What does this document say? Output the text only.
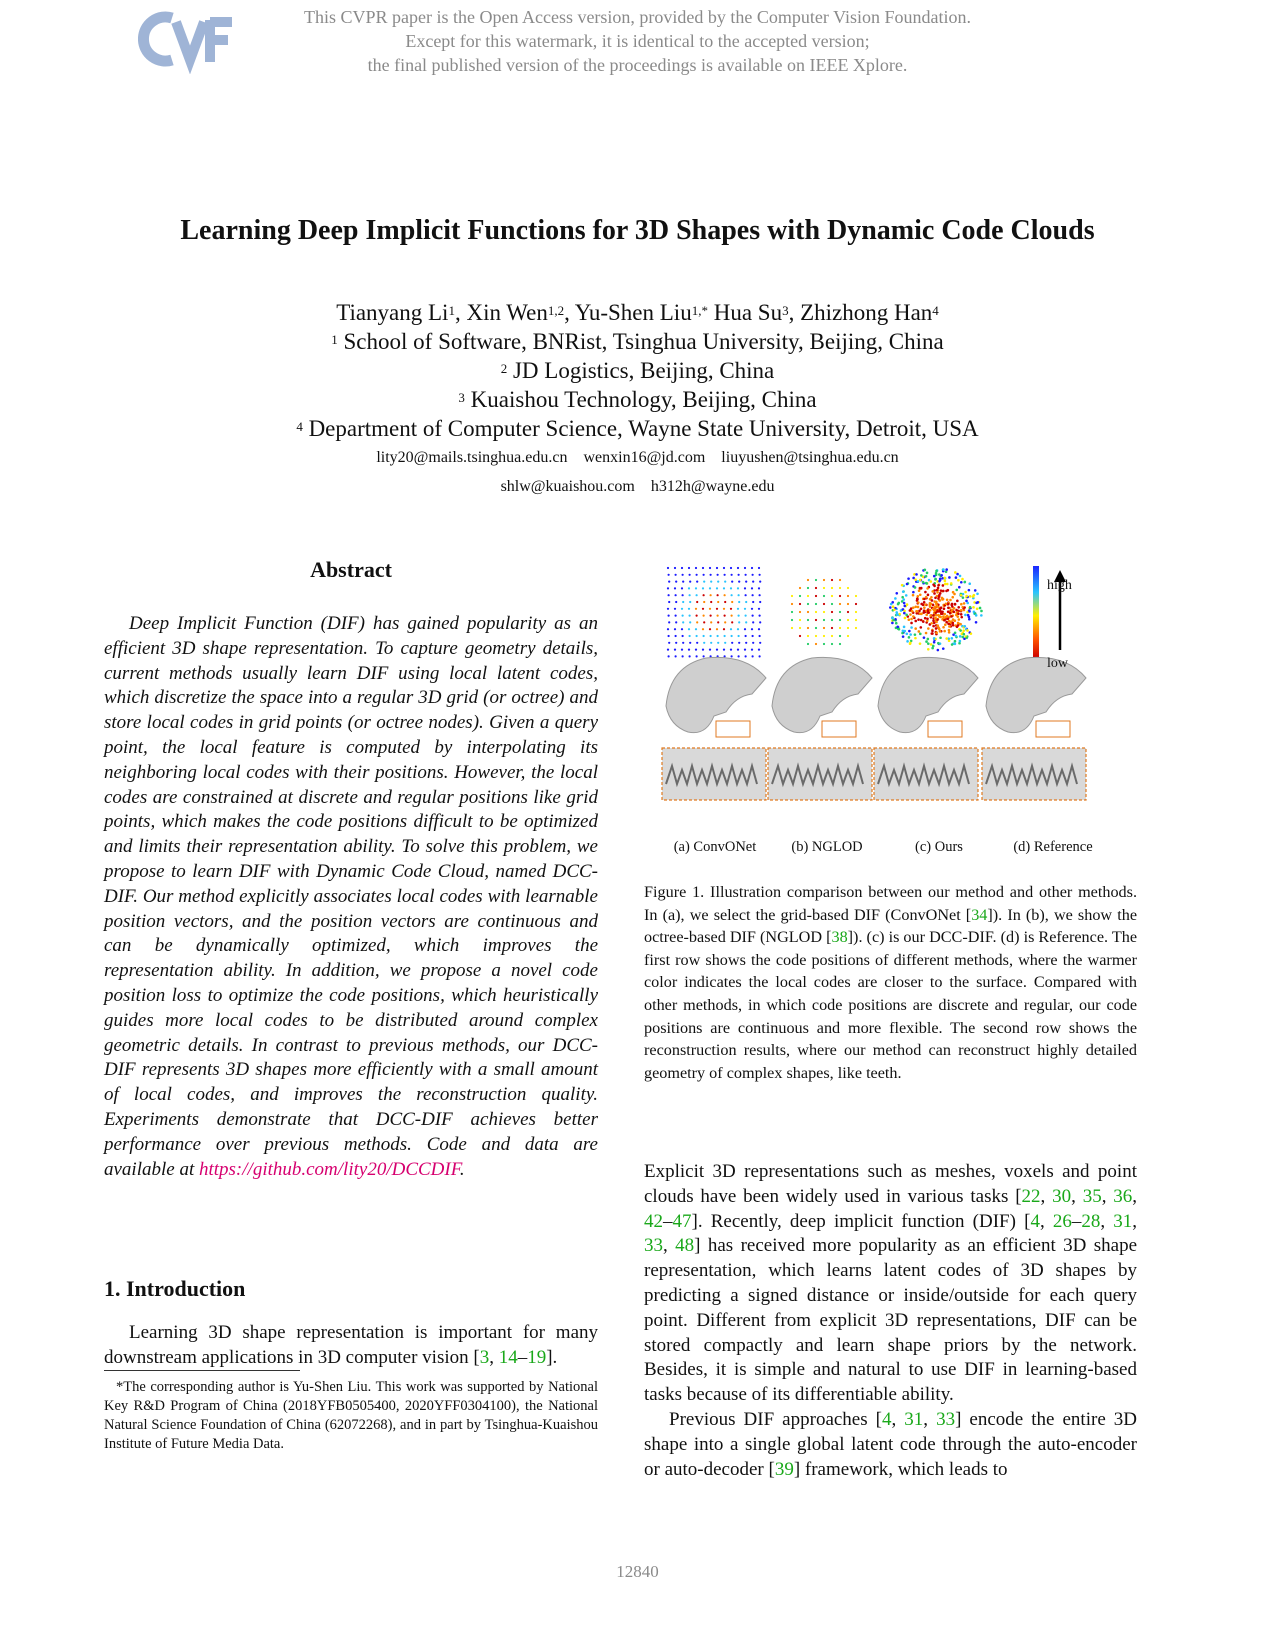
This CVPR paper is the Open Access version, provided by the Computer Vision Foundation.
Except for this watermark, it is identical to the accepted version;
the final published version of the proceedings is available on IEEE Xplore.
Learning Deep Implicit Functions for 3D Shapes with Dynamic Code Clouds
Tianyang Li$^1$, Xin Wen$^{1,2}$, Yu-Shen Liu$^{1,*}$ Hua Su$^3$, Zhizhong Han$^4$
$^1$ School of Software, BNRist, Tsinghua University, Beijing, China
$^2$ JD Logistics, Beijing, China
$^3$ Kuaishou Technology, Beijing, China
$^4$ Department of Computer Science, Wayne State University, Detroit, USA
lity20@mails.tsinghua.edu.cn wenxin16@jd.com liuyushen@tsinghua.edu.cn
shlw@kuaishou.com h312h@wayne.edu
Abstract
Deep Implicit Function (DIF) has gained popularity as an efficient 3D shape representation. To capture geometry details, current methods usually learn DIF using local latent codes, which discretize the space into a regular 3D grid (or octree) and store local codes in grid points (or octree nodes). Given a query point, the local feature is computed by interpolating its neighboring local codes with their positions. However, the local codes are constrained at discrete and regular positions like grid points, which makes the code positions difficult to be optimized and limits their representation ability. To solve this problem, we propose to learn DIF with Dynamic Code Cloud, named DCC-DIF. Our method explicitly associates local codes with learnable position vectors, and the position vectors are continuous and can be dynamically optimized, which improves the representation ability. In addition, we propose a novel code position loss to optimize the code positions, which heuristically guides more local codes to be distributed around complex geometric details. In contrast to previous methods, our DCC-DIF represents 3D shapes more efficiently with a small amount of local codes, and improves the reconstruction quality. Experiments demonstrate that DCC-DIF achieves better performance over previous methods. Code and data are available at https://github.com/lity20/DCCDIF.
1. Introduction

Learning 3D shape representation is important for many downstream applications in 3D computer vision [3, 14–19].

*The corresponding author is Yu-Shen Liu. This work was supported by National Key R&D Program of China (2018YFB0505400, 2020YFF0304100), the National Natural Science Foundation of China (62072268), and in part by Tsinghua-Kuaishou Institute of Future Media Data.
high
low
(a) ConvONet	(b) NGLOD	(c) Ours	(d) Reference
Figure 1. Illustration comparison between our method and other methods. In (a), we select the grid-based DIF (ConvONet [34]). In (b), we show the octree-based DIF (NGLOD [38]). (c) is our DCC-DIF. (d) is Reference. The first row shows the code positions of different methods, where the warmer color indicates the local codes are closer to the surface. Compared with other methods, in which code positions are discrete and regular, our code positions are continuous and more flexible. The second row shows the reconstruction results, where our method can reconstruct highly detailed geometry of complex shapes, like teeth.

Explicit 3D representations such as meshes, voxels and point clouds have been widely used in various tasks [22, 30, 35, 36, 42–47]. Recently, deep implicit function (DIF) [4, 26–28, 31, 33, 48] has received more popularity as an efficient 3D shape representation, which learns latent codes of 3D shapes by predicting a signed distance or inside/outside for each query point. Different from explicit 3D representations, DIF can be stored compactly and learn shape priors by the network. Besides, it is simple and natural to use DIF in learning-based tasks because of its differentiable ability.

Previous DIF approaches [4, 31, 33] encode the entire 3D shape into a single global latent code through the auto-encoder or auto-decoder [39] framework, which leads to

12840
